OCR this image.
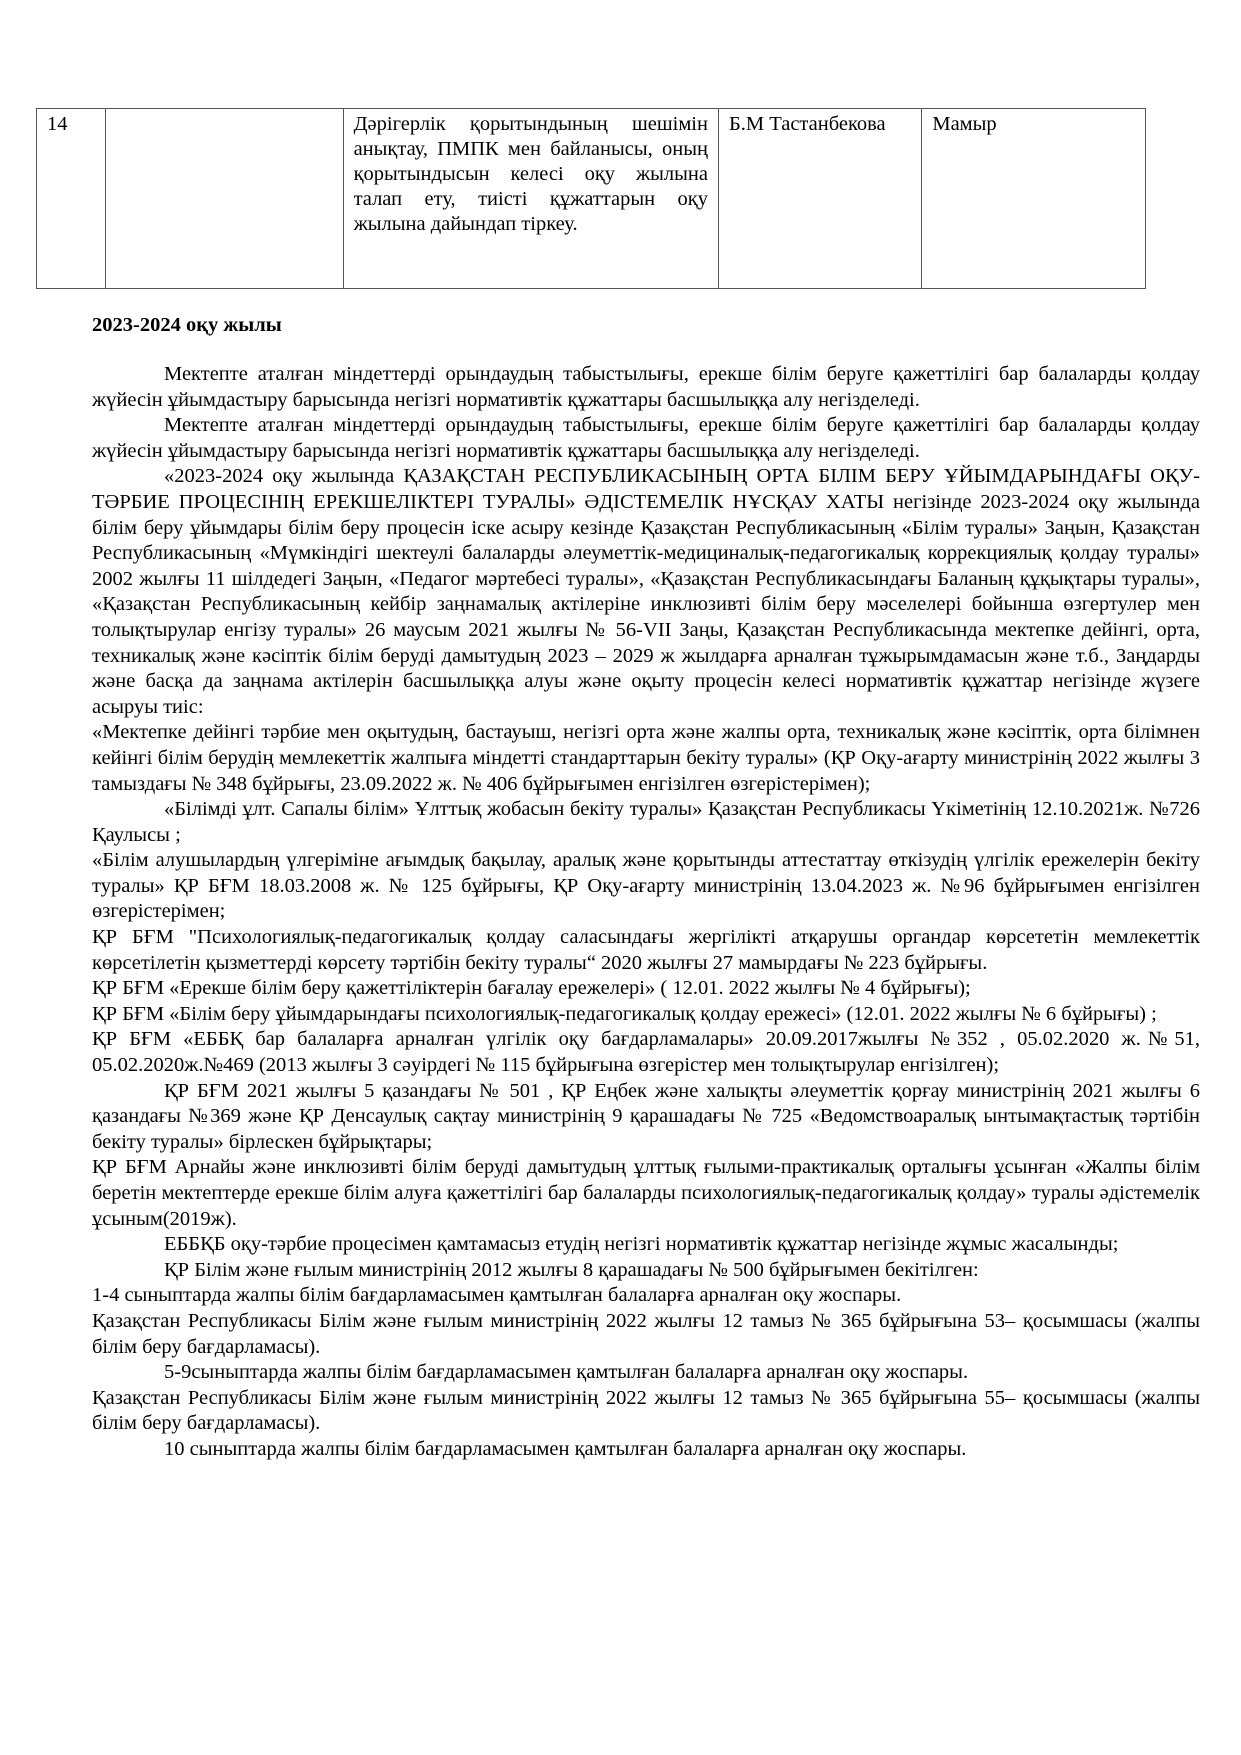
14		Дәрігерлік қорытындының шешімін анықтау, ПМПК мен байланысы, оның қорытындысын келесі оқу жылына талап ету, тиісті құжаттарын оқу жылына дайындап тіркеу.	Б.М Тастанбекова	Мамыр
2023-2024 оқу жылы

Мектепте аталған міндеттерді орындаудың табыстылығы, ерекше білім беруге қажеттілігі бар балаларды қолдау жүйесін ұйымдастыру барысында негізгі нормативтік құжаттары басшылыққа алу негізделеді.

Мектепте аталған міндеттерді орындаудың табыстылығы, ерекше білім беруге қажеттілігі бар балаларды қолдау жүйесін ұйымдастыру барысында негізгі нормативтік құжаттары басшылыққа алу негізделеді.

«2023-2024 оқу жылында ҚАЗАҚСТАН РЕСПУБЛИКАСЫНЫҢ ОРТА БІЛІМ БЕРУ ҰЙЫМДАРЫНДАҒЫ ОҚУ-ТӘРБИЕ ПРОЦЕСІНІҢ ЕРЕКШЕЛІКТЕРІ ТУРАЛЫ» ӘДІСТЕМЕЛІК НҰСҚАУ ХАТЫ негізінде 2023-2024 оқу жылында білім беру ұйымдары білім беру процесін іске асыру кезінде Қазақстан Республикасының «Білім туралы» Заңын, Қазақстан Республикасының «Мүмкіндігі шектеулі балаларды әлеуметтік-медициналық-педагогикалық коррекциялық қолдау туралы» 2002 жылғы 11 шілдедегі Заңын, «Педагог мәртебесі туралы», «Қазақстан Республикасындағы Баланың құқықтары туралы», «Қазақстан Республикасының кейбір заңнамалық актілеріне инклюзивті білім беру мәселелері бойынша өзгертулер мен толықтырулар енгізу туралы» 26 маусым 2021 жылғы № 56-VII Заңы, Қазақстан Республикасында мектепке дейінгі, орта, техникалық және кәсіптік білім беруді дамытудың 2023 – 2029 ж жылдарға арналған тұжырымдамасын және т.б., Заңдарды және басқа да заңнама актілерін басшылыққа алуы және оқыту процесін келесі нормативтік құжаттар негізінде жүзеге асыруы тиіс:

«Мектепке дейінгі тәрбие мен оқытудың, бастауыш, негізгі орта және жалпы орта, техникалық және кәсіптік, орта білімнен кейінгі білім берудің мемлекеттік жалпыға міндетті стандарттарын бекіту туралы» (ҚР Оқу-ағарту министрінің 2022 жылғы 3 тамыздағы № 348 бұйрығы, 23.09.2022 ж. № 406 бұйрығымен енгізілген өзгерістерімен);

«Білімді ұлт. Сапалы білім» Ұлттық жобасын бекіту туралы» Қазақстан Республикасы Үкіметінің 12.10.2021ж. №726 Қаулысы ;

«Білім алушылардың үлгеріміне ағымдық бақылау, аралық және қорытынды аттестаттау өткізудің үлгілік ережелерін бекіту туралы» ҚР БҒМ 18.03.2008 ж. № 125 бұйрығы, ҚР Оқу-ағарту министрінің 13.04.2023 ж. №96 бұйрығымен енгізілген өзгерістерімен;

ҚР БҒМ "Психологиялық-педагогикалық қолдау саласындағы жергілікті атқарушы органдар көрсететін мемлекеттік көрсетілетін қызметтерді көрсету тәртібін бекіту туралы“ 2020 жылғы 27 мамырдағы № 223 бұйрығы.

ҚР БҒМ «Ерекше білім беру қажеттіліктерін бағалау ережелері» ( 12.01. 2022 жылғы № 4 бұйрығы);

ҚР БҒМ «Білім беру ұйымдарындағы психологиялық-педагогикалық қолдау ережесі» (12.01. 2022 жылғы № 6 бұйрығы) ;

ҚР БҒМ «ЕББҚ бар балаларға арналған үлгілік оқу бағдарламалары» 20.09.2017жылғы №352 , 05.02.2020 ж.№51, 05.02.2020ж.№469 (2013 жылғы 3 сәуірдегі № 115 бұйрығына өзгерістер мен толықтырулар енгізілген);

ҚР БҒМ 2021 жылғы 5 қазандағы № 501 , ҚР Еңбек және халықты әлеуметтік қорғау министрінің 2021 жылғы 6 қазандағы №369 және ҚР Денсаулық сақтау министрінің 9 қарашадағы № 725 «Ведомствоаралық ынтымақтастық тәртібін бекіту туралы» бірлескен бұйрықтары;

ҚР БҒМ Арнайы және инклюзивті білім беруді дамытудың ұлттық ғылыми-практикалық орталығы ұсынған «Жалпы білім беретін мектептерде ерекше білім алуға қажеттілігі бар балаларды психологиялық-педагогикалық қолдау» туралы әдістемелік ұсыным(2019ж).

ЕББҚБ оқу-тәрбие процесімен қамтамасыз етудің негізгі нормативтік құжаттар негізінде жұмыс жасалынды;

ҚР Білім және ғылым министрінің 2012 жылғы 8 қарашадағы № 500 бұйрығымен бекітілген:

1-4 сыныптарда жалпы білім бағдарламасымен қамтылған балаларға арналған оқу жоспары.

Қазақстан Республикасы Білім және ғылым министрінің 2022 жылғы 12 тамыз № 365 бұйрығына 53– қосымшасы (жалпы білім беру бағдарламасы).

5-9сыныптарда жалпы білім бағдарламасымен қамтылған балаларға арналған оқу жоспары.

Қазақстан Республикасы Білім және ғылым министрінің 2022 жылғы 12 тамыз № 365 бұйрығына 55– қосымшасы (жалпы білім беру бағдарламасы).

10 сыныптарда жалпы білім бағдарламасымен қамтылған балаларға арналған оқу жоспары.
